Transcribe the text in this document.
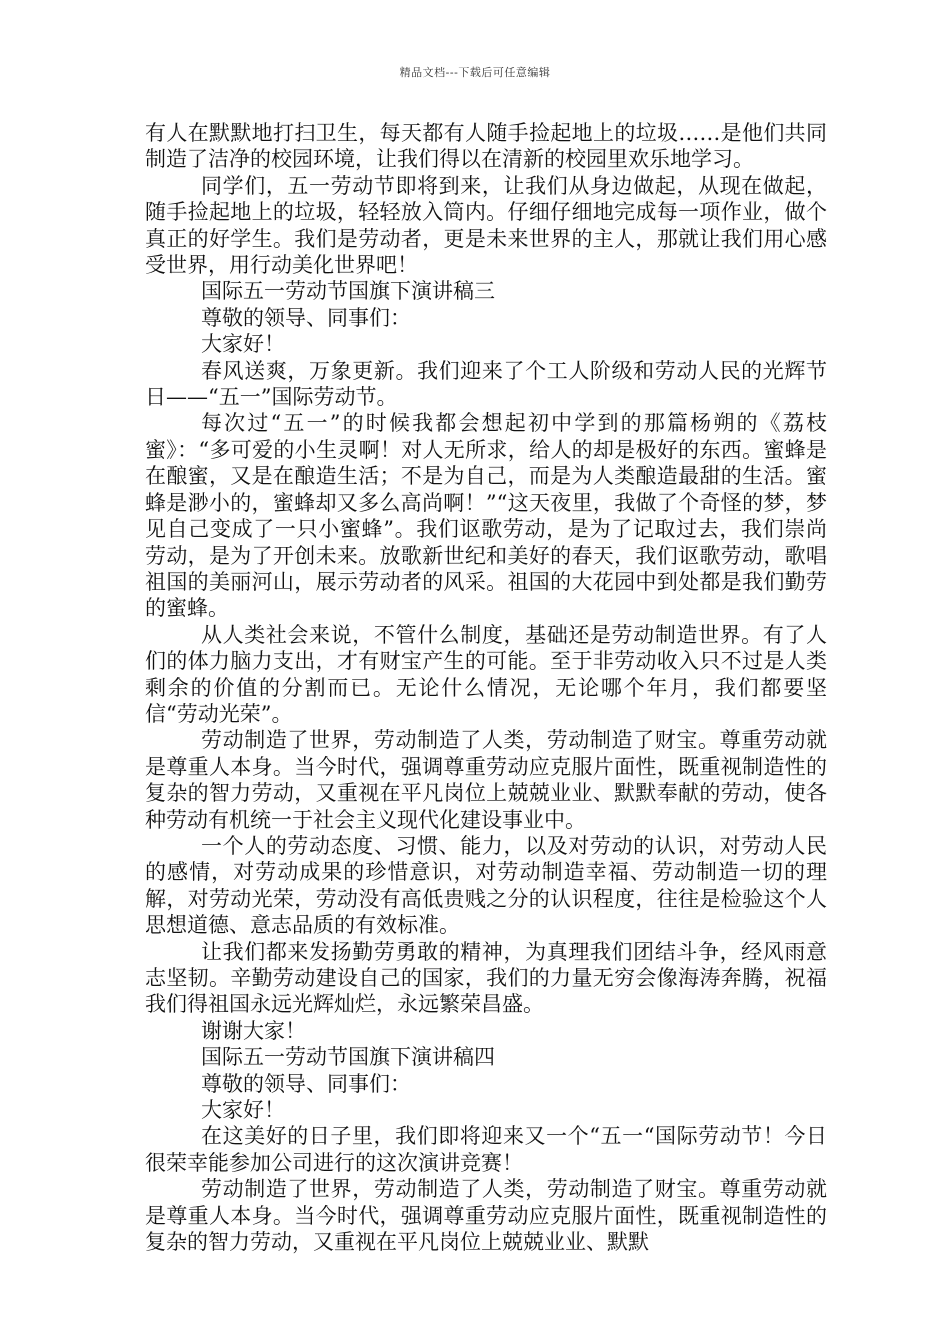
精品文档---下载后可任意编辑

有人在默默地打扫卫生，每天都有人随手捡起地上的垃圾……是他们共同制造了洁净的校园环境，让我们得以在清新的校园里欢乐地学习。

同学们，五一劳动节即将到来，让我们从身边做起，从现在做起，随手捡起地上的垃圾，轻轻放入筒内。仔细仔细地完成每一项作业，做个真正的好学生。我们是劳动者，更是未来世界的主人，那就让我们用心感受世界，用行动美化世界吧！

国际五一劳动节国旗下演讲稿三

尊敬的领导、同事们：

大家好！

春风送爽，万象更新。我们迎来了个工人阶级和劳动人民的光辉节日——“五一”国际劳动节。

每次过“五一”的时候我都会想起初中学到的那篇杨朔的《荔枝蜜》：“多可爱的小生灵啊！对人无所求，给人的却是极好的东西。蜜蜂是在酿蜜，又是在酿造生活；不是为自己，而是为人类酿造最甜的生活。蜜蜂是渺小的，蜜蜂却又多么高尚啊！”“这天夜里，我做了个奇怪的梦，梦见自己变成了一只小蜜蜂”。我们讴歌劳动，是为了记取过去，我们崇尚劳动，是为了开创未来。放歌新世纪和美好的春天，我们讴歌劳动，歌唱祖国的美丽河山，展示劳动者的风采。祖国的大花园中到处都是我们勤劳的蜜蜂。

从人类社会来说，不管什么制度，基础还是劳动制造世界。有了人们的体力脑力支出，才有财宝产生的可能。至于非劳动收入只不过是人类剩余的价值的分割而已。无论什么情况，无论哪个年月，我们都要坚信“劳动光荣”。

劳动制造了世界，劳动制造了人类，劳动制造了财宝。尊重劳动就是尊重人本身。当今时代，强调尊重劳动应克服片面性，既重视制造性的复杂的智力劳动，又重视在平凡岗位上兢兢业业、默默奉献的劳动，使各种劳动有机统一于社会主义现代化建设事业中。

一个人的劳动态度、习惯、能力，以及对劳动的认识，对劳动人民的感情，对劳动成果的珍惜意识，对劳动制造幸福、劳动制造一切的理解，对劳动光荣，劳动没有高低贵贱之分的认识程度，往往是检验这个人思想道德、意志品质的有效标准。

让我们都来发扬勤劳勇敢的精神，为真理我们团结斗争，经风雨意志坚韧。辛勤劳动建设自己的国家，我们的力量无穷会像海涛奔腾，祝福我们得祖国永远光辉灿烂，永远繁荣昌盛。

谢谢大家！

国际五一劳动节国旗下演讲稿四

尊敬的领导、同事们：

大家好！

在这美好的日子里，我们即将迎来又一个“五一“国际劳动节！今日很荣幸能参加公司进行的这次演讲竞赛！

劳动制造了世界，劳动制造了人类，劳动制造了财宝。尊重劳动就是尊重人本身。当今时代，强调尊重劳动应克服片面性，既重视制造性的复杂的智力劳动，又重视在平凡岗位上兢兢业业、默默
